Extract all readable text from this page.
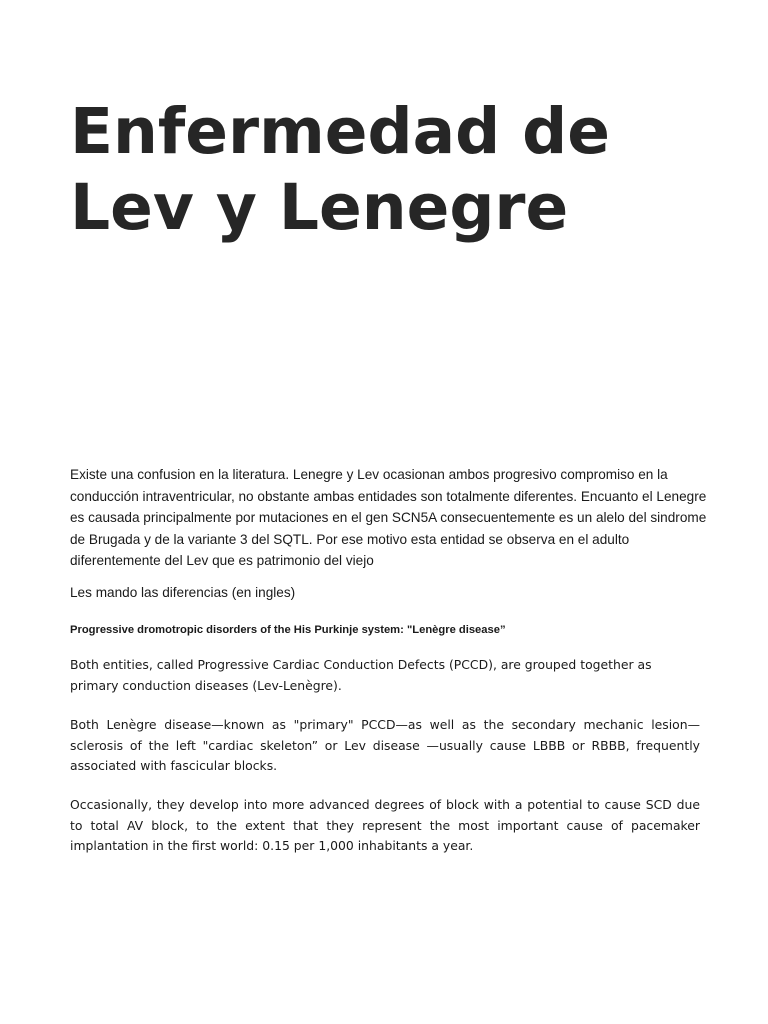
Enfermedad de Lev y Lenegre

Existe una confusion en la literatura. Lenegre y Lev ocasionan ambos progresivo compromiso en la conducción intraventricular, no obstante ambas entidades son totalmente diferentes. Encuanto el Lenegre es causada principalmente por mutaciones en el gen SCN5A consecuentemente es un alelo del sindrome de Brugada y de la variante 3 del SQTL. Por ese motivo esta entidad se observa en el adulto diferentemente del Lev que es patrimonio del viejo

Les mando las diferencias (en ingles)

Progressive dromotropic disorders of the His Purkinje system: "Lenègre disease”

Both entities, called Progressive Cardiac Conduction Defects (PCCD), are grouped together as primary conduction diseases (Lev-Lenègre).

Both Lenègre disease—known as "primary" PCCD—as well as the secondary mechanic lesion—sclerosis of the left "cardiac skeleton” or Lev disease —usually cause LBBB or RBBB, frequently associated with fascicular blocks.

Occasionally, they develop into more advanced degrees of block with a potential to cause SCD due to total AV block, to the extent that they represent the most important cause of pacemaker implantation in the first world: 0.15 per 1,000 inhabitants a year.
